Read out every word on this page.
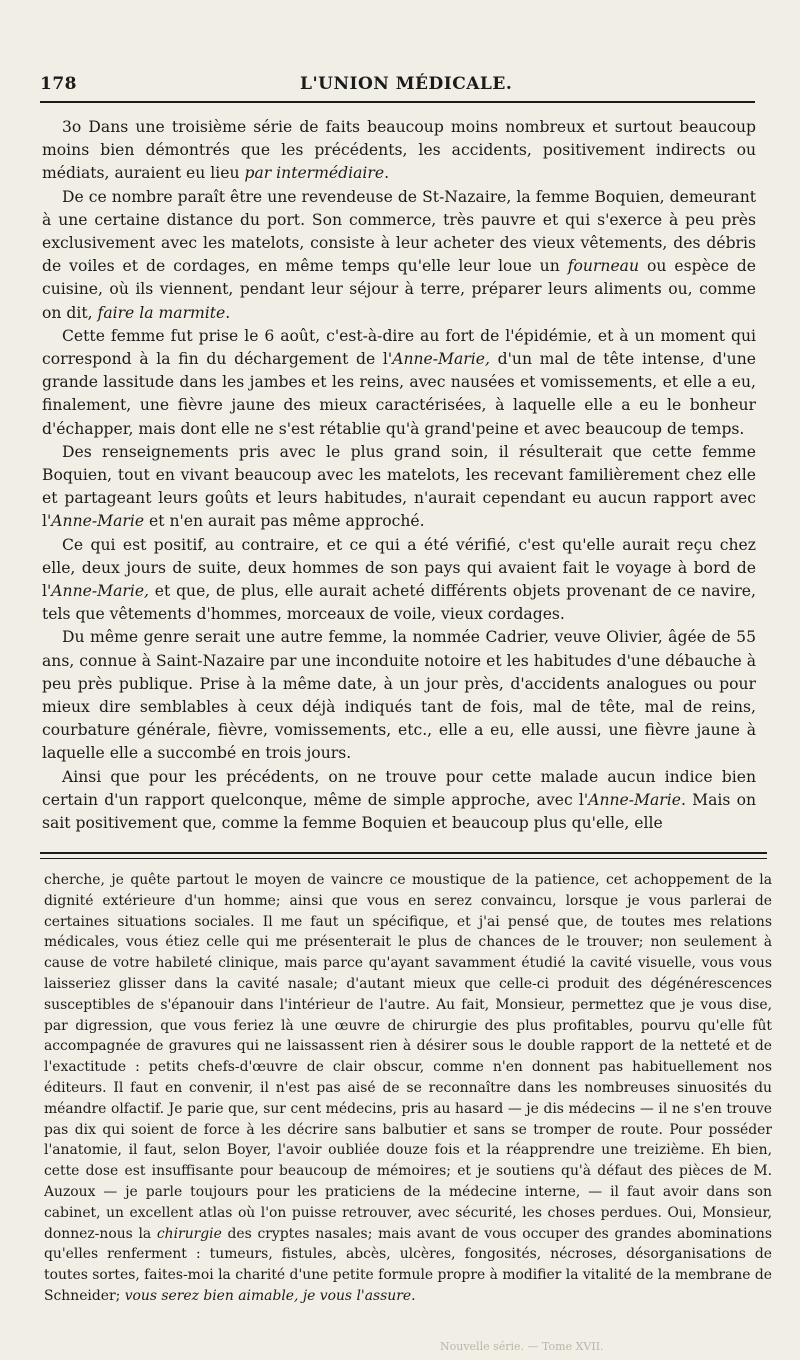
178	L'UNION MÉDICALE.

3o Dans une troisième série de faits beaucoup moins nombreux et surtout beaucoup moins bien démontrés que les précédents, les accidents, positivement indirects ou médiats, auraient eu lieu par intermédiaire.

De ce nombre paraît être une revendeuse de St-Nazaire, la femme Boquien, demeurant à une certaine distance du port. Son commerce, très pauvre et qui s'exerce à peu près exclusivement avec les matelots, consiste à leur acheter des vieux vêtements, des débris de voiles et de cordages, en même temps qu'elle leur loue un fourneau ou espèce de cuisine, où ils viennent, pendant leur séjour à terre, préparer leurs aliments ou, comme on dit, faire la marmite.

Cette femme fut prise le 6 août, c'est-à-dire au fort de l'épidémie, et à un moment qui correspond à la fin du déchargement de l'Anne-Marie, d'un mal de tête intense, d'une grande lassitude dans les jambes et les reins, avec nausées et vomissements, et elle a eu, finalement, une fièvre jaune des mieux caractérisées, à laquelle elle a eu le bonheur d'échapper, mais dont elle ne s'est rétablie qu'à grand'peine et avec beaucoup de temps.

Des renseignements pris avec le plus grand soin, il résulterait que cette femme Boquien, tout en vivant beaucoup avec les matelots, les recevant familièrement chez elle et partageant leurs goûts et leurs habitudes, n'aurait cependant eu aucun rapport avec l'Anne-Marie et n'en aurait pas même approché.

Ce qui est positif, au contraire, et ce qui a été vérifié, c'est qu'elle aurait reçu chez elle, deux jours de suite, deux hommes de son pays qui avaient fait le voyage à bord de l'Anne-Marie, et que, de plus, elle aurait acheté différents objets provenant de ce navire, tels que vêtements d'hommes, morceaux de voile, vieux cordages.

Du même genre serait une autre femme, la nommée Cadrier, veuve Olivier, âgée de 55 ans, connue à Saint-Nazaire par une inconduite notoire et les habitudes d'une débauche à peu près publique. Prise à la même date, à un jour près, d'accidents analogues ou pour mieux dire semblables à ceux déjà indiqués tant de fois, mal de tête, mal de reins, courbature générale, fièvre, vomissements, etc., elle a eu, elle aussi, une fièvre jaune à laquelle elle a succombé en trois jours.

Ainsi que pour les précédents, on ne trouve pour cette malade aucun indice bien certain d'un rapport quelconque, même de simple approche, avec l'Anne-Marie. Mais on sait positivement que, comme la femme Boquien et beaucoup plus qu'elle, elle

cherche, je quête partout le moyen de vaincre ce moustique de la patience, cet achoppement de la dignité extérieure d'un homme; ainsi que vous en serez convaincu, lorsque je vous parlerai de certaines situations sociales. Il me faut un spécifique, et j'ai pensé que, de toutes mes relations médicales, vous étiez celle qui me présenterait le plus de chances de le trouver; non seulement à cause de votre habileté clinique, mais parce qu'ayant savamment étudié la cavité visuelle, vous vous laisseriez glisser dans la cavité nasale; d'autant mieux que celle-ci produit des dégénérescences susceptibles de s'épanouir dans l'intérieur de l'autre. Au fait, Monsieur, permettez que je vous dise, par digression, que vous feriez là une œuvre de chirurgie des plus profitables, pourvu qu'elle fût accompagnée de gravures qui ne laissassent rien à désirer sous le double rapport de la netteté et de l'exactitude : petits chefs-d'œuvre de clair obscur, comme n'en donnent pas habituellement nos éditeurs. Il faut en convenir, il n'est pas aisé de se reconnaître dans les nombreuses sinuosités du méandre olfactif. Je parie que, sur cent médecins, pris au hasard — je dis médecins — il ne s'en trouve pas dix qui soient de force à les décrire sans balbutier et sans se tromper de route. Pour posséder l'anatomie, il faut, selon Boyer, l'avoir oubliée douze fois et la réapprendre une treizième. Eh bien, cette dose est insuffisante pour beaucoup de mémoires; et je soutiens qu'à défaut des pièces de M. Auzoux — je parle toujours pour les praticiens de la médecine interne, — il faut avoir dans son cabinet, un excellent atlas où l'on puisse retrouver, avec sécurité, les choses perdues. Oui, Monsieur, donnez-nous la chirurgie des cryptes nasales; mais avant de vous occuper des grandes abominations qu'elles renferment : tumeurs, fistules, abcès, ulcères, fongosités, nécroses, désorganisations de toutes sortes, faites-moi la charité d'une petite formule propre à modifier la vitalité de la membrane de Schneider; vous serez bien aimable, je vous l'assure.

Nouvelle série. — Tome XVII.
